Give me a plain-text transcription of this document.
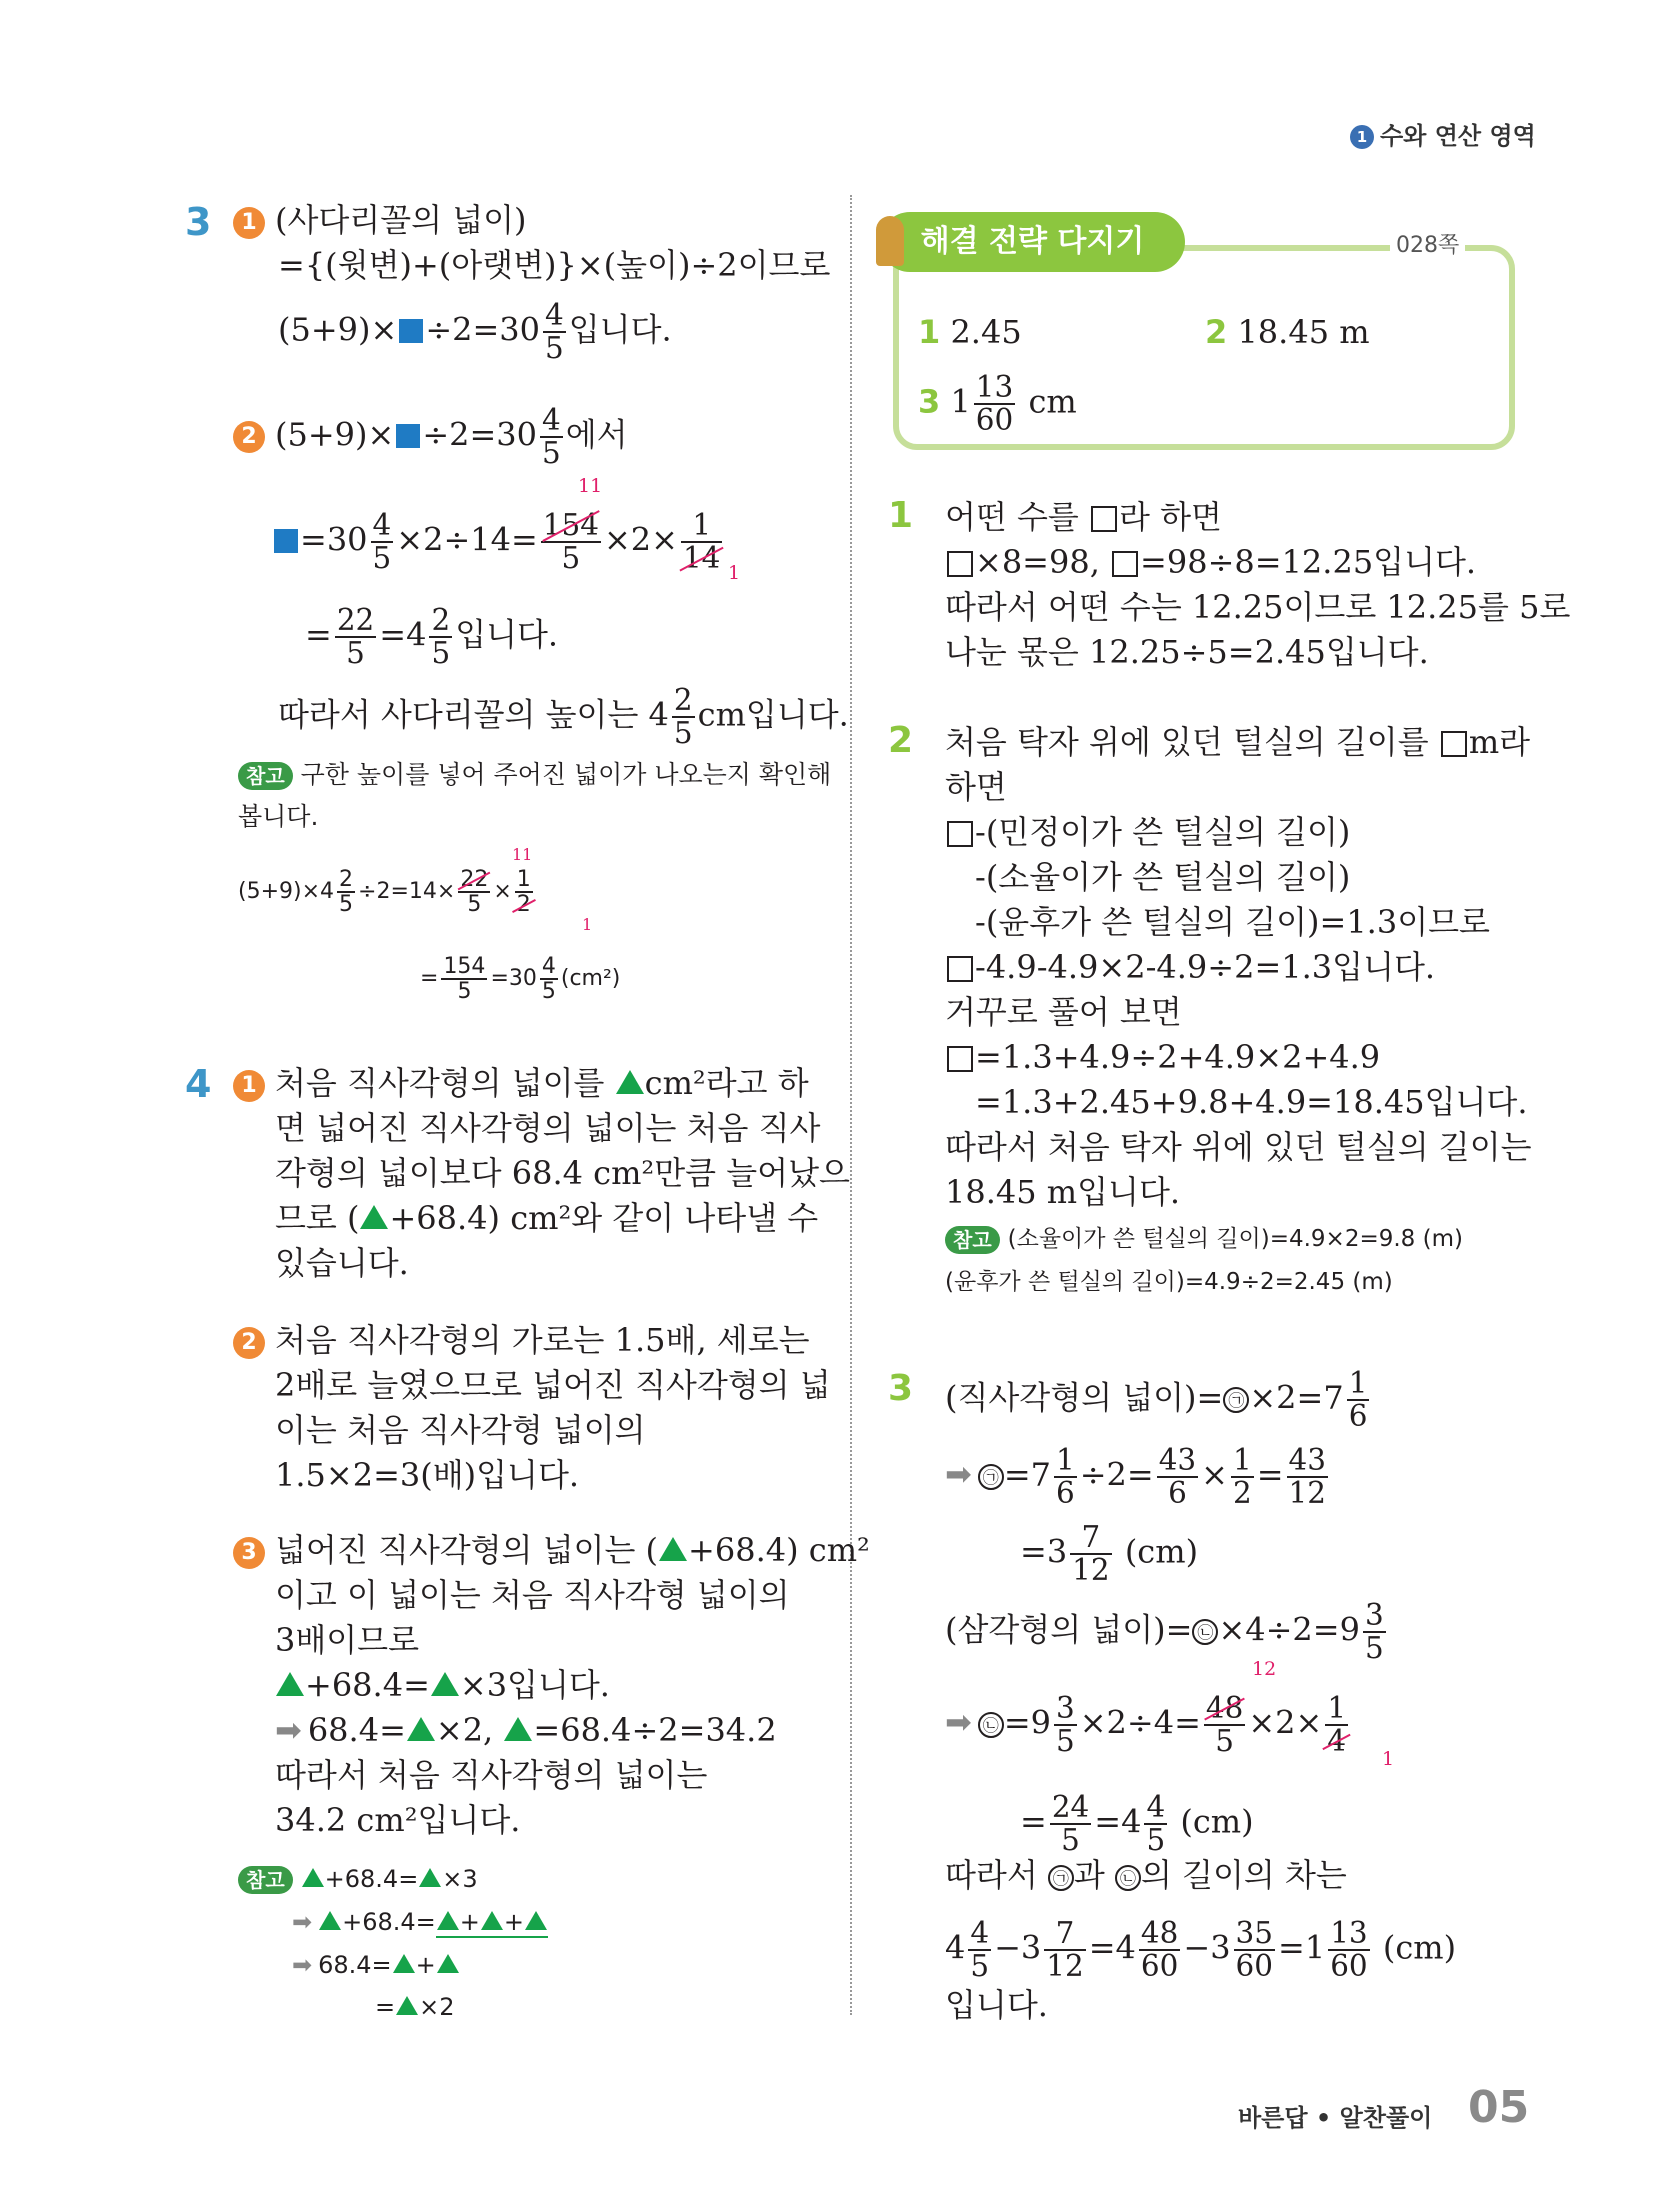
1 수와 연산 영역
3	1 (사다리꼴의 넓이)
={(윗변)+(아랫변)}×(높이)÷2이므로
$(5+9)\times \div 2=30 \frac{4}{5}$ 입니다.
2 $(5+9)\times \div 2=30 \frac{4}{5}$ 에서
11
1
$=30 \frac{4}{5} \times 2\div 14= \frac{154}{5} \times 2\times \frac{1}{14}$
= $\frac{22}{5} =4 \frac{2}{5}$ 입니다.
따라서 사다리꼴의 높이는 $4 \frac{2}{5}$ cm입니다.
참고 구한 높이를 넣어 주어진 넓이가 나오는지 확인해
봅니다.
11
1
$(5+9)\times 4 \frac{2}{5} \div 2=14\times \frac{22}{5} \times \frac{1}{2}$
= $\frac{154}{5} =30 \frac{4}{5} (cm^2)$
4	1 처음 직사각형의 넓이를 cm²라고 하
면 넓어진 직사각형의 넓이는 처음 직사
각형의 넓이보다 68.4 cm²만큼 늘어났으
므로 ( +68.4) cm²와 같이 나타낼 수
있습니다.
2 처음 직사각형의 가로는 1.5배, 세로는
2배로 늘였으므로 넓어진 직사각형의 넓
이는 처음 직사각형 넓이의
1.5×2=3(배)입니다.
3 넓어진 직사각형의 넓이는 ( +68.4) cm²
이고 이 넓이는 처음 직사각형 넓이의
3배이므로
+68.4= ×3입니다.
➡ 68.4= ×2, =68.4÷2=34.2
따라서 처음 직사각형의 넓이는
34.2 cm²입니다.
참고 +68.4= ×3
➡ +68.4= + +
➡ 68.4= +
= ×2
해결 전략 다지기	028쪽
1 2.45	2 18.45 m
3 $1 \frac{13}{60}$ cm
1 어떤 수를 라 하면
×8=98, =98÷8=12.25입니다.
따라서 어떤 수는 12.25이므로 12.25를 5로
나눈 몫은 12.25÷5=2.45입니다.
2 처음 탁자 위에 있던 털실의 길이를 m라
하면
-(민정이가 쓴 털실의 길이)
-(소율이가 쓴 털실의 길이)
-(윤후가 쓴 털실의 길이)=1.3이므로
-4.9-4.9×2-4.9÷2=1.3입니다.
거꾸로 풀어 보면
=1.3+4.9÷2+4.9×2+4.9
=1.3+2.45+9.8+4.9=18.45입니다.
따라서 처음 탁자 위에 있던 털실의 길이는
18.45 m입니다.
참고 (소율이가 쓴 털실의 길이)=4.9×2=9.8 (m)
(윤후가 쓴 털실의 길이)=4.9÷2=2.45 (m)
3 (직사각형의 넓이)= ㉠ $\times 2=7 \frac{1}{6}$
➡ ㉠ $=7 \frac{1}{6} \div 2= \frac{43}{6} \times \frac{1}{2} = \frac{43}{12}$
$=3 \frac{7}{12} (cm)$
(삼각형의 넓이)= ㉡ $\times 4\div 2=9 \frac{3}{5}$
12
1
➡ ㉡ $=9 \frac{3}{5} \times 2\div 4= \frac{48}{5} \times 2\times \frac{1}{4}$
= $\frac{24}{5} =4 \frac{4}{5} (cm)$
따라서 ㉠ 과 ㉡ 의 길이의 차는
$4 \frac{4}{5} -3 \frac{7}{12} =4 \frac{48}{60} -3 \frac{35}{60} =1 \frac{13}{60} (cm)$
입니다.
바른답 • 알찬풀이 05
